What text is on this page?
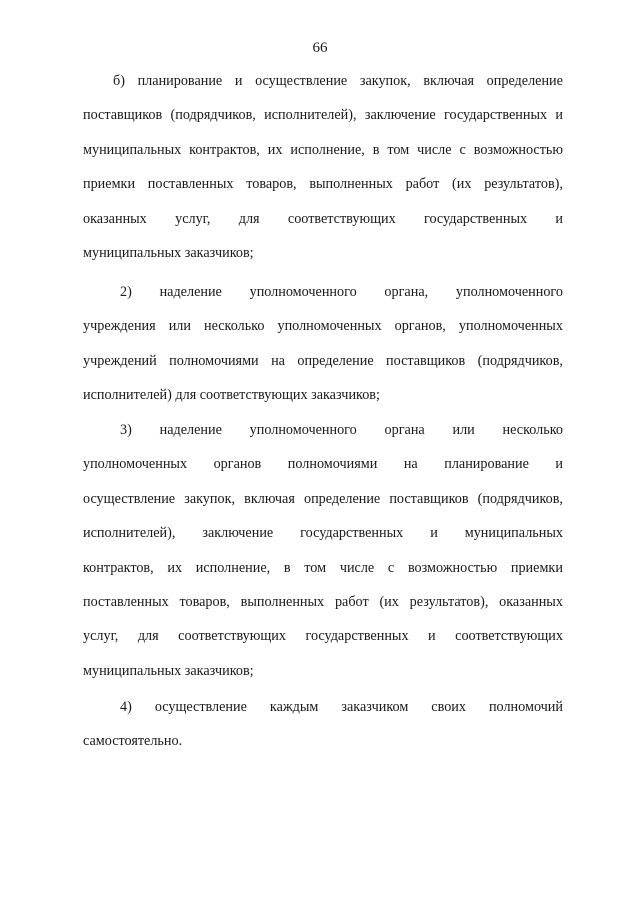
66
б) планирование и осуществление закупок, включая определение
поставщиков (подрядчиков, исполнителей), заключение государственных и
муниципальных контрактов, их исполнение, в том числе с возможностью
приемки поставленных товаров, выполненных работ (их результатов),
оказанных услуг, для соответствующих государственных и
муниципальных заказчиков;
2) наделение уполномоченного органа, уполномоченного
учреждения или несколько уполномоченных органов, уполномоченных
учреждений полномочиями на определение поставщиков (подрядчиков,
исполнителей) для соответствующих заказчиков;
3) наделение уполномоченного органа или несколько
уполномоченных органов полномочиями на планирование и
осуществление закупок, включая определение поставщиков (подрядчиков,
исполнителей), заключение государственных и муниципальных
контрактов, их исполнение, в том числе с возможностью приемки
поставленных товаров, выполненных работ (их результатов), оказанных
услуг, для соответствующих государственных и соответствующих
муниципальных заказчиков;
4) осуществление каждым заказчиком своих полномочий
самостоятельно.
